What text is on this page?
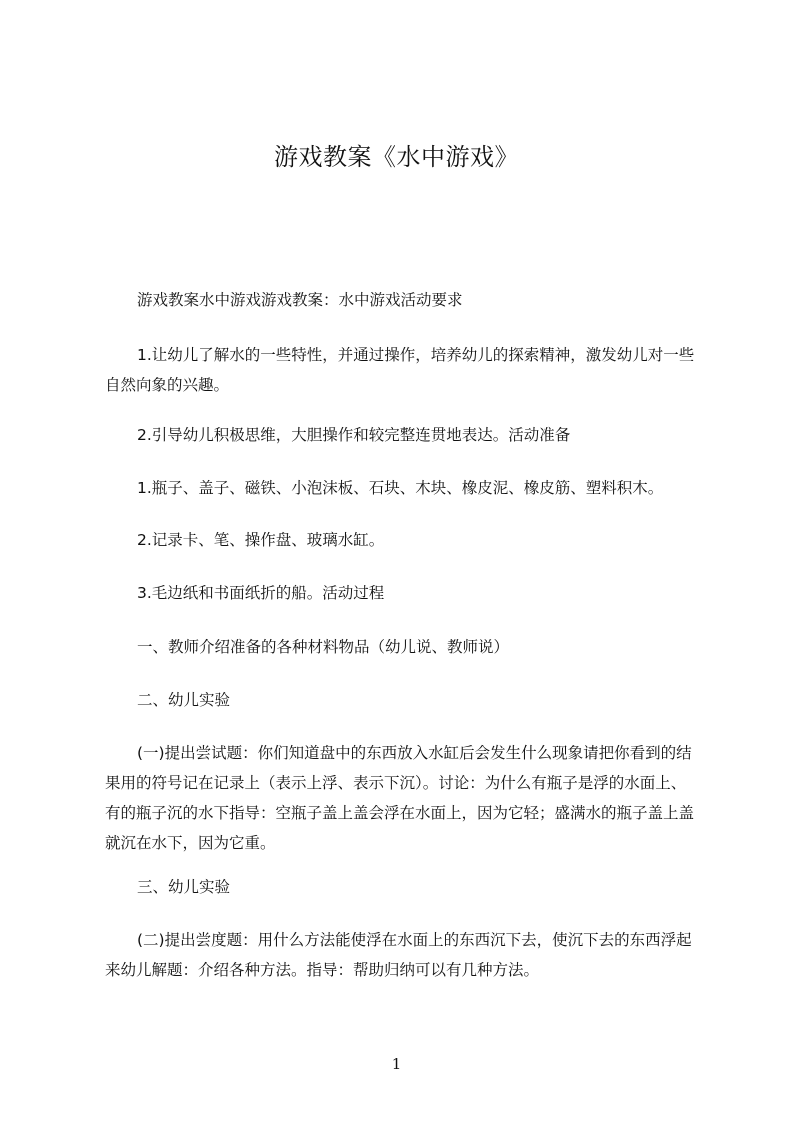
游戏教案《水中游戏》
游戏教案水中游戏游戏教案：水中游戏活动要求
1.让幼儿了解水的一些特性，并通过操作，培养幼儿的探索精神，激发幼儿对一些自然向象的兴趣。
2.引导幼儿积极思维，大胆操作和较完整连贯地表达。活动准备
1.瓶子、盖子、磁铁、小泡沫板、石块、木块、橡皮泥、橡皮筋、塑料积木。
2.记录卡、笔、操作盘、玻璃水缸。
3.毛边纸和书面纸折的船。活动过程
一、教师介绍准备的各种材料物品（幼儿说、教师说）
二、幼儿实验
(一)提出尝试题：你们知道盘中的东西放入水缸后会发生什么现象请把你看到的结果用的符号记在记录上（表示上浮、表示下沉）。讨论：为什么有瓶子是浮的水面上、有的瓶子沉的水下指导：空瓶子盖上盖会浮在水面上，因为它轻；盛满水的瓶子盖上盖就沉在水下，因为它重。
三、幼儿实验
(二)提出尝度题：用什么方法能使浮在水面上的东西沉下去，使沉下去的东西浮起来幼儿解题：介绍各种方法。指导：帮助归纳可以有几种方法。
1
